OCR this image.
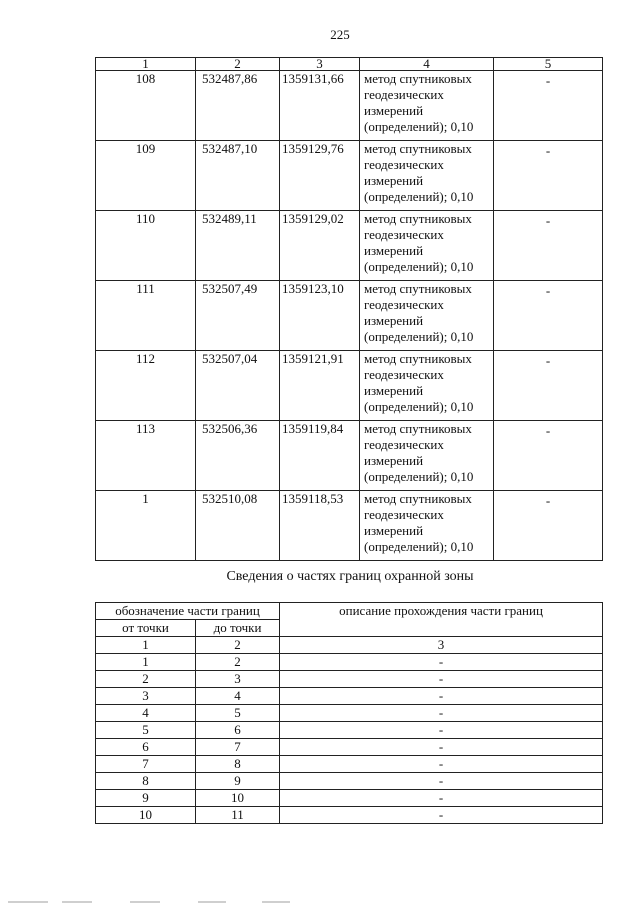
225
1	2	3	4	5
108	532487,86	1359131,66	метод спутниковых
геодезических
измерений
(определений); 0,10	-
109	532487,10	1359129,76	метод спутниковых
геодезических
измерений
(определений); 0,10	-
110	532489,11	1359129,02	метод спутниковых
геодезических
измерений
(определений); 0,10	-
111	532507,49	1359123,10	метод спутниковых
геодезических
измерений
(определений); 0,10	-
112	532507,04	1359121,91	метод спутниковых
геодезических
измерений
(определений); 0,10	-
113	532506,36	1359119,84	метод спутниковых
геодезических
измерений
(определений); 0,10	-
1	532510,08	1359118,53	метод спутниковых
геодезических
измерений
(определений); 0,10	-
Сведения о частях границ охранной зоны
обозначение части границ		описание прохождения части границ
от точки	до точки	
1	2	3
1	2	-
2	3	-
3	4	-
4	5	-
5	6	-
6	7	-
7	8	-
8	9	-
9	10	-
10	11	-
